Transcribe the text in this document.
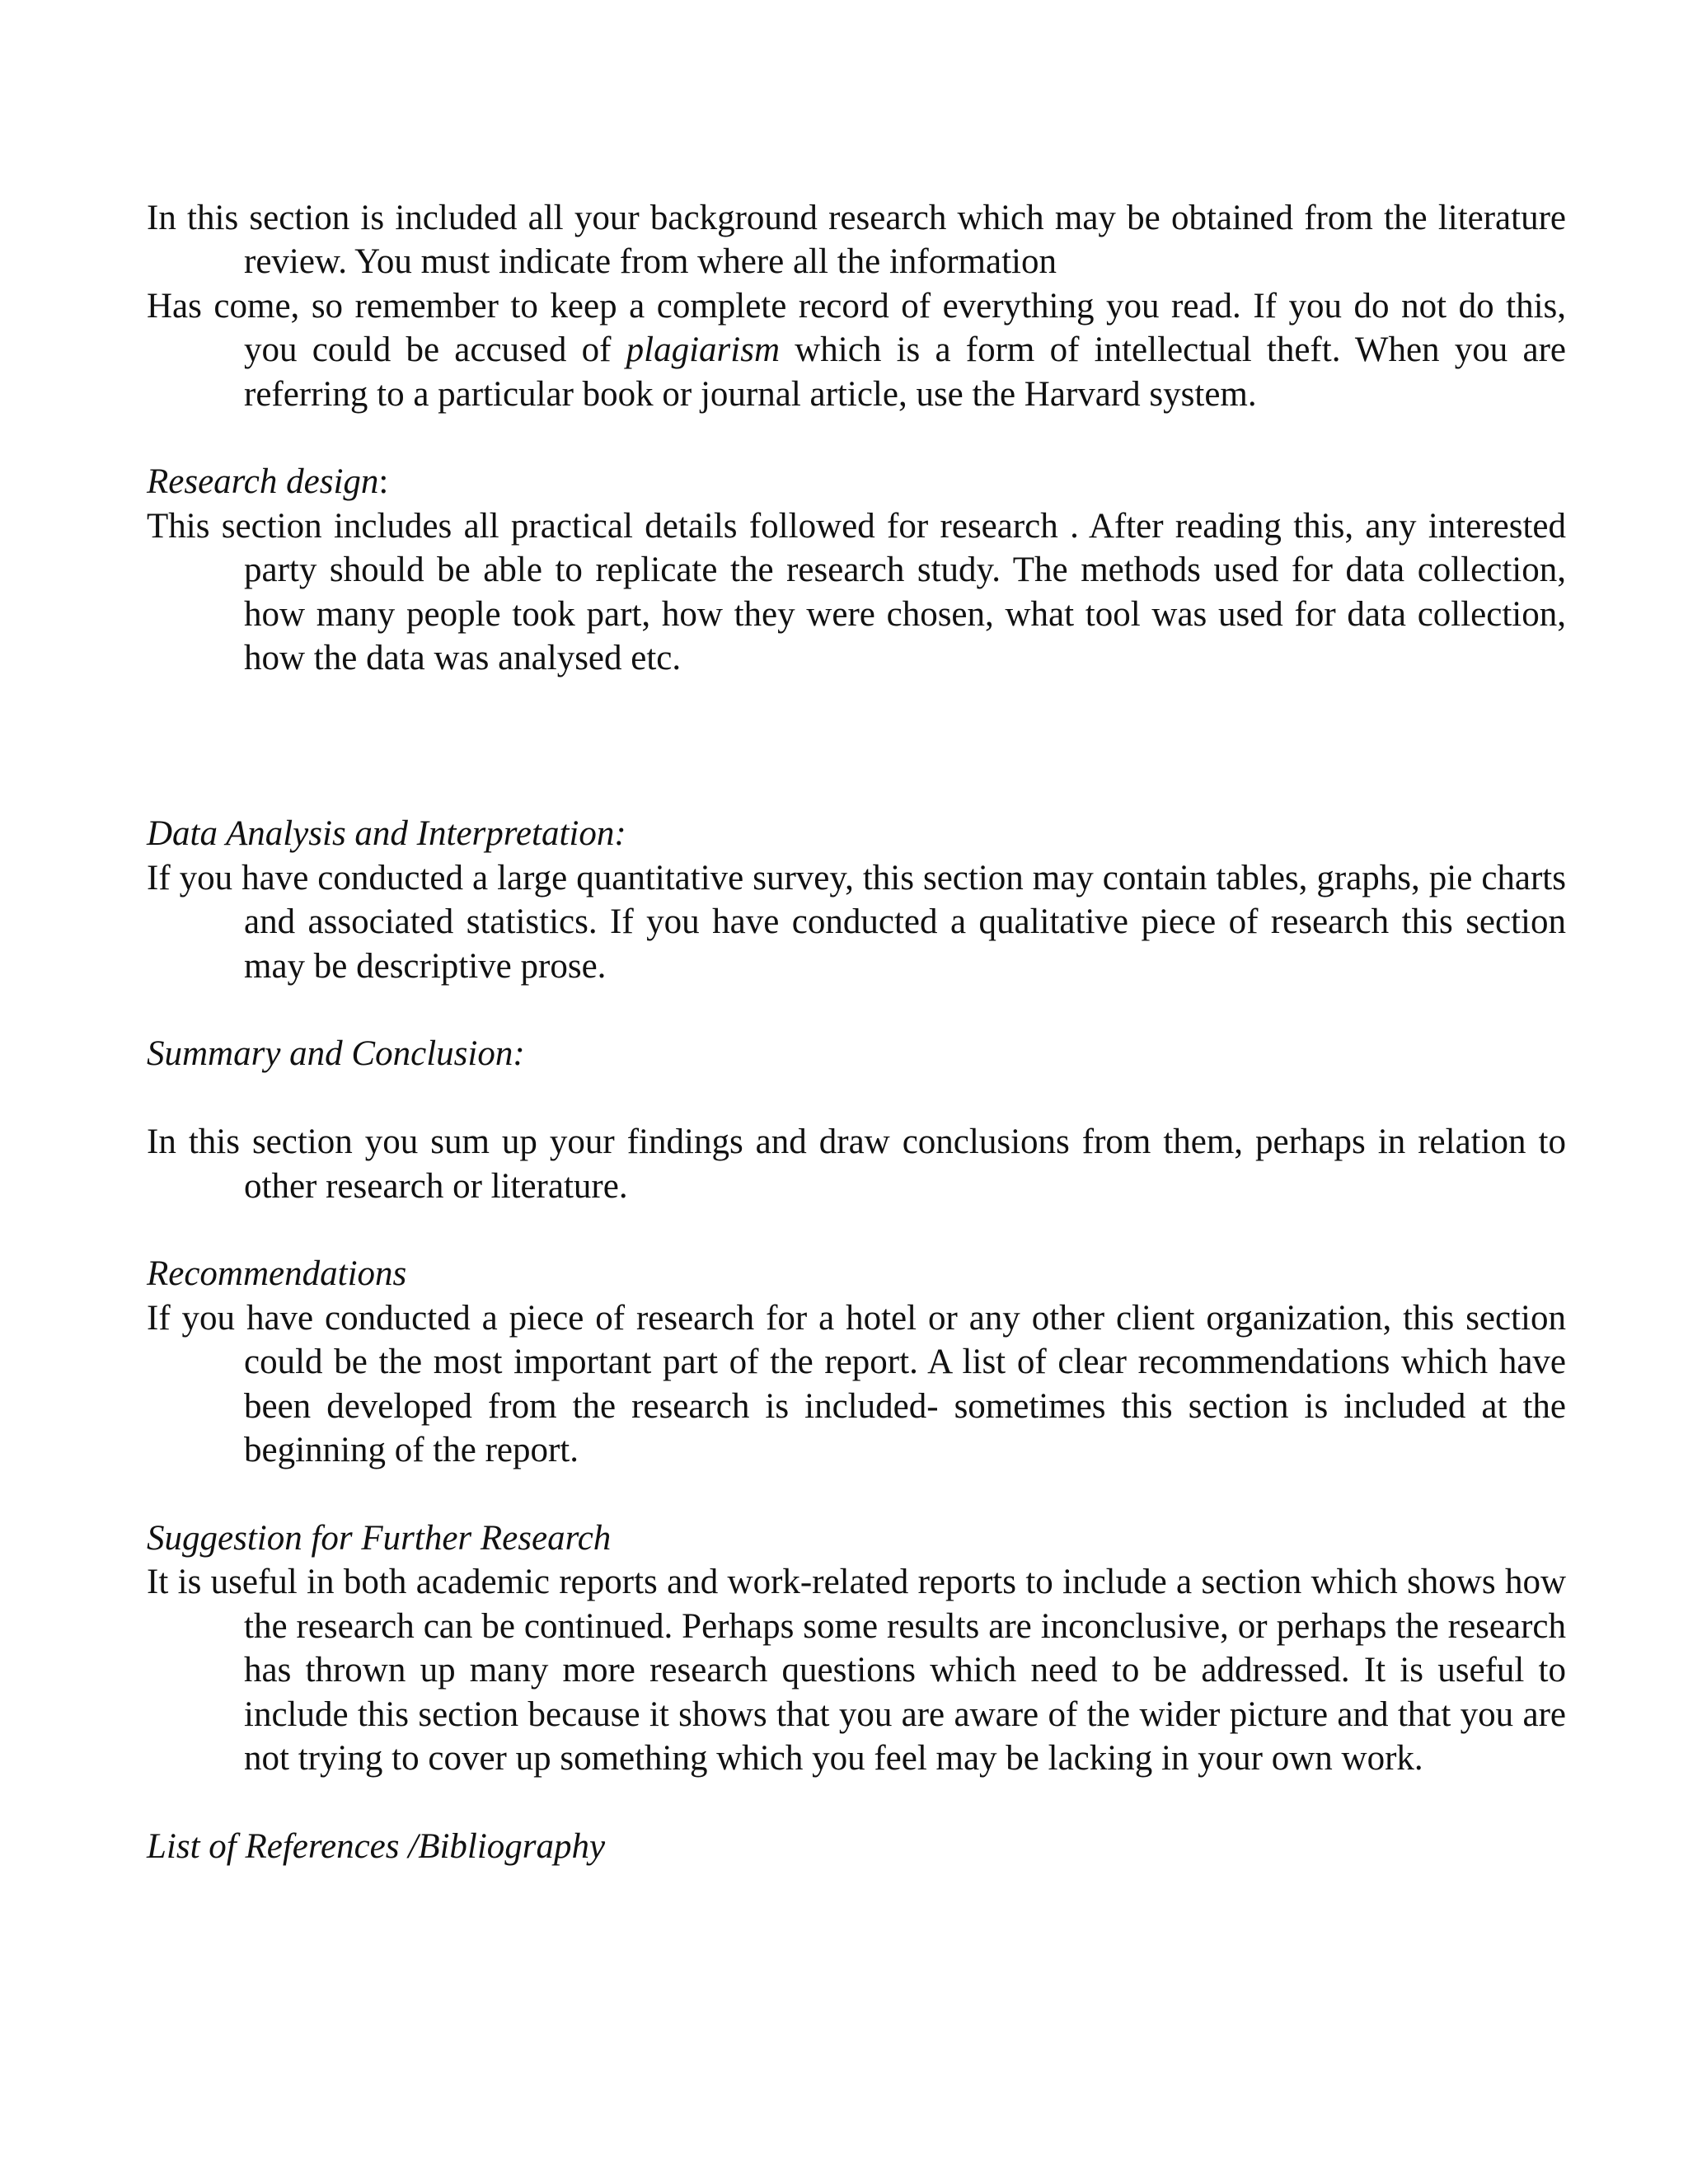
In this section is included all your background research which may be obtained from the literature review. You must indicate from where all the information

Has come, so remember to keep a complete record of everything you read. If you do not do this, you could be accused of plagiarism which is a form of intellectual theft. When you are referring to a particular book or journal article, use the Harvard system.

Research design:

This section includes all practical details followed for research . After reading this, any interested party should be able to replicate the research study. The methods used for data collection, how many people took part, how they were chosen, what tool was used for data collection, how the data was analysed etc.

Data Analysis and Interpretation:

If you have conducted a large quantitative survey, this section may contain tables, graphs, pie charts and associated statistics. If you have conducted a qualitative piece of research this section may be descriptive prose.

Summary and Conclusion:

In this section you sum up your findings and draw conclusions from them, perhaps in relation to other research or literature.

Recommendations

If you have conducted a piece of research for a hotel or any other client organization, this section could be the most important part of the report. A list of clear recommendations which have been developed from the research is included- sometimes this section is included at the beginning of the report.

Suggestion for Further Research

It is useful in both academic reports and work-related reports to include a section which shows how the research can be continued. Perhaps some results are inconclusive, or perhaps the research has thrown up many more research questions which need to be addressed. It is useful to include this section because it shows that you are aware of the wider picture and that you are not trying to cover up something which you feel may be lacking in your own work.

List of References /Bibliography
